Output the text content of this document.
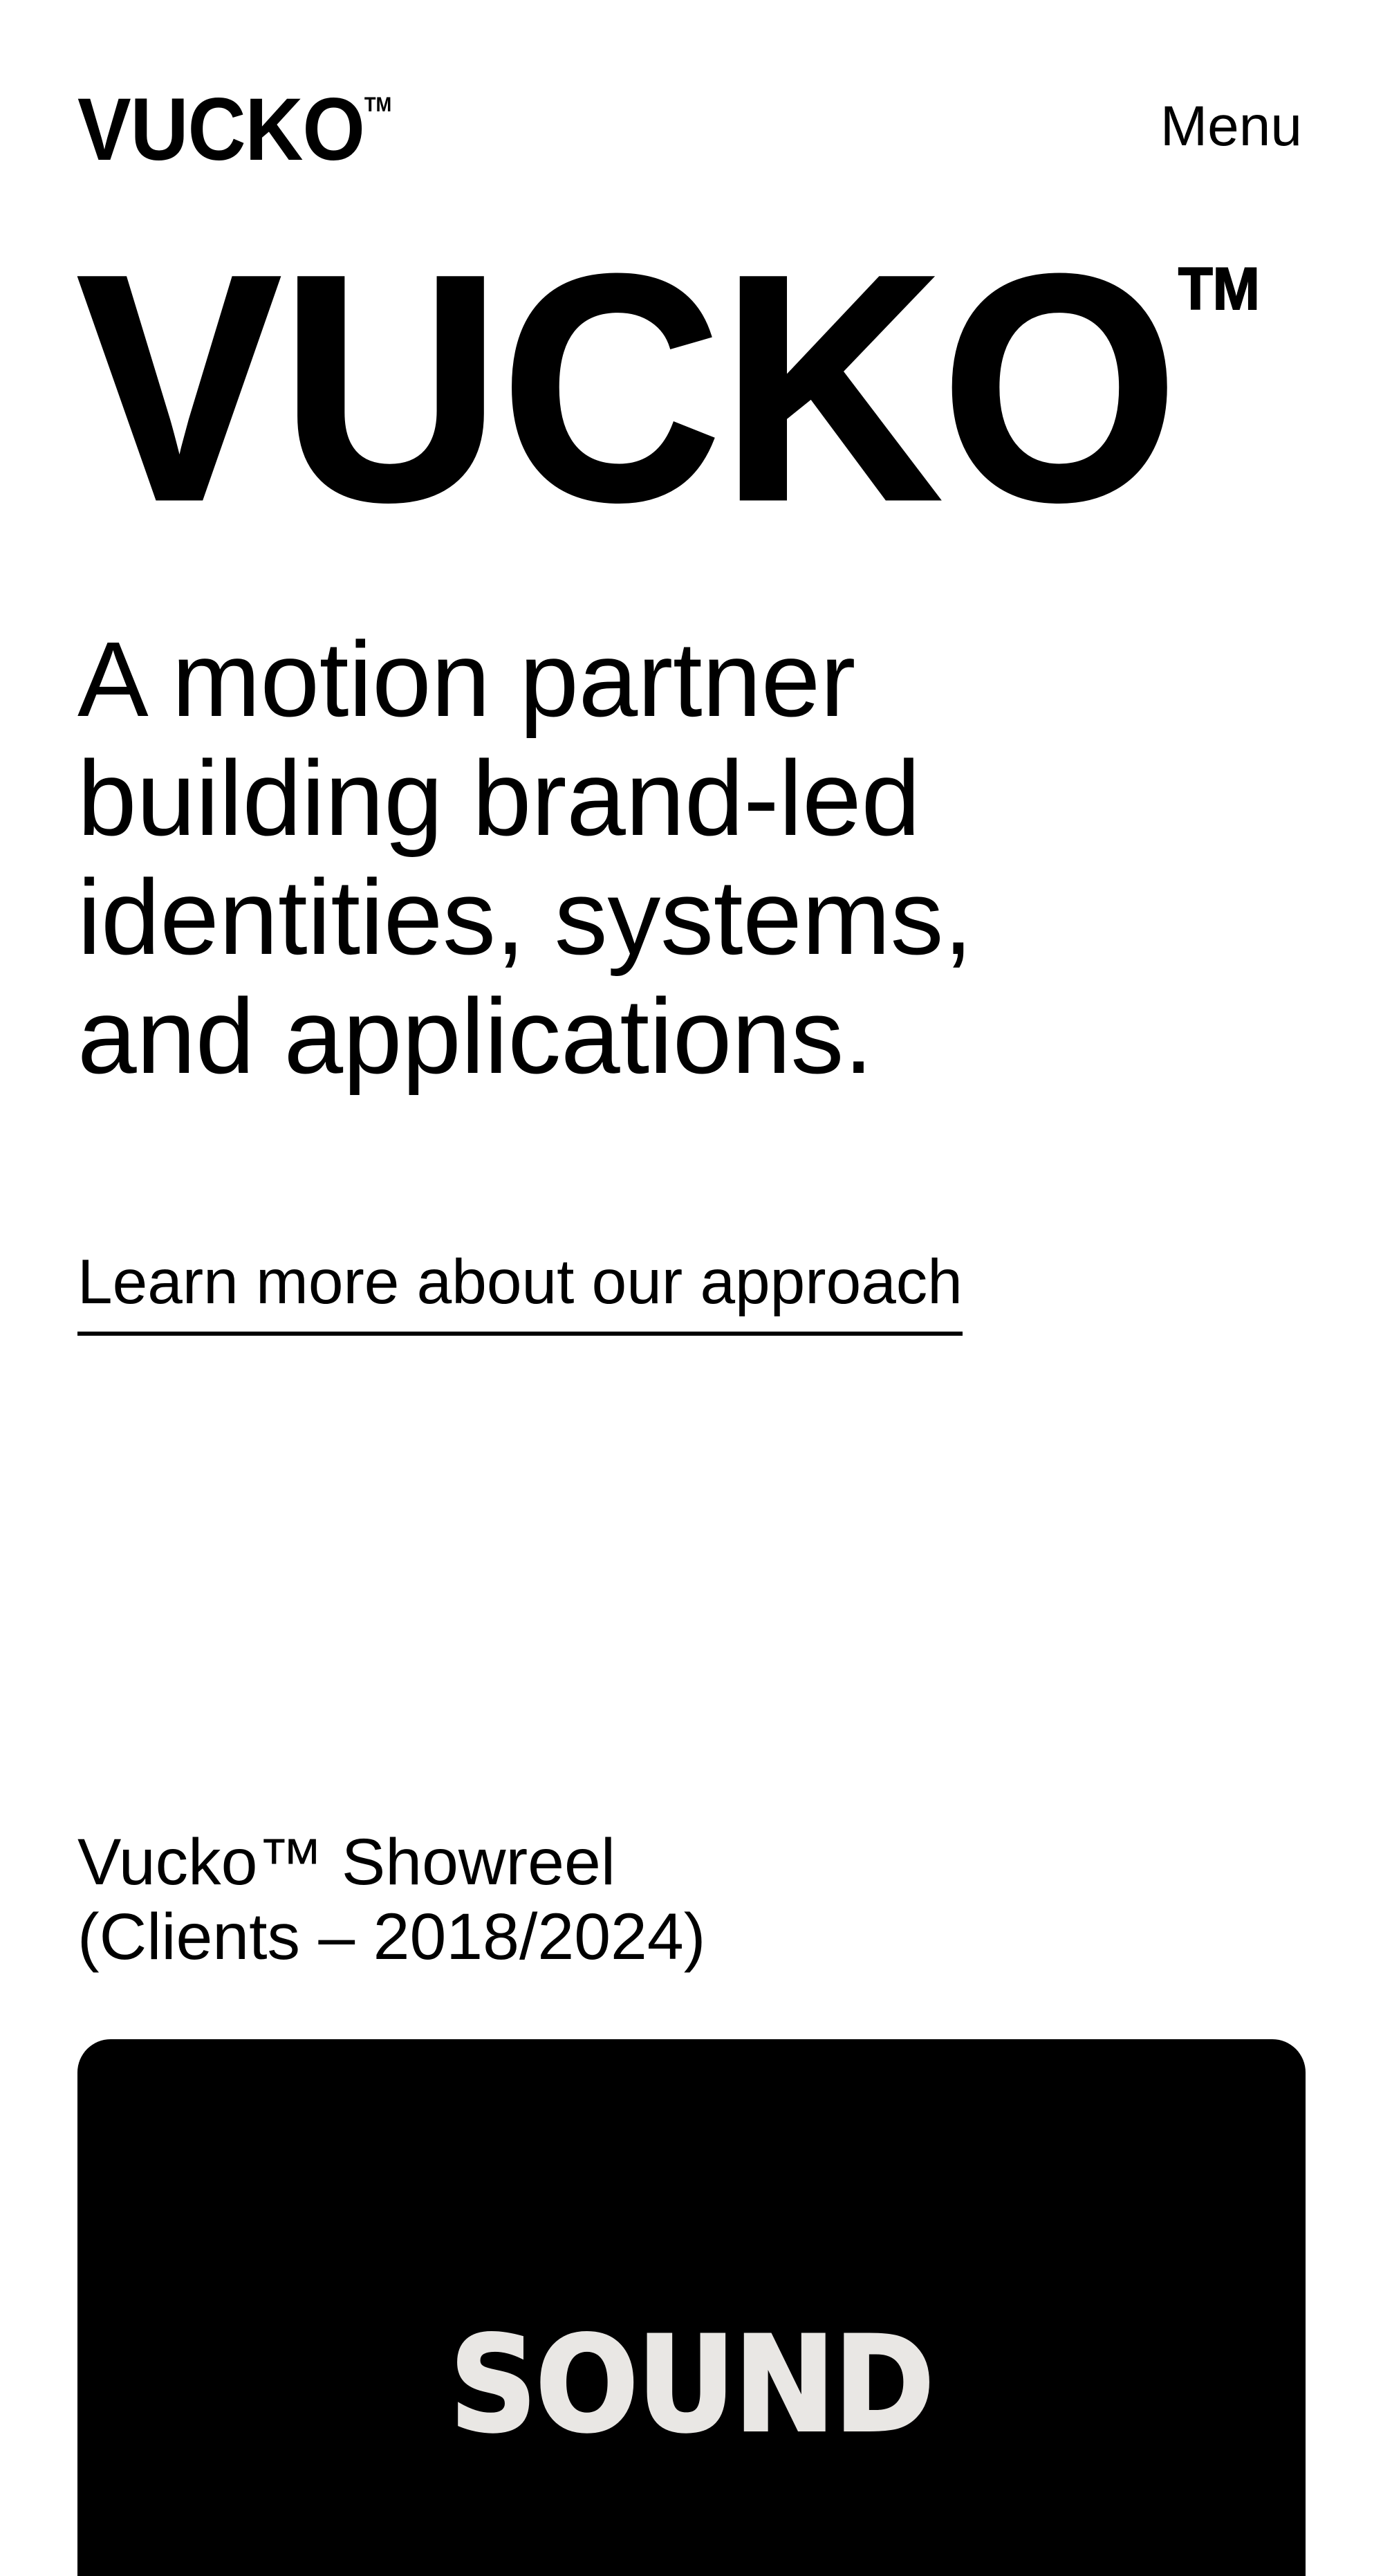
VUCKO™	Menu
VUCKO™
A motion partner
building brand-led
identities, systems,
and applications.
Learn more about our approach
Vucko™ Showreel
(Clients – 2018/2024)
SOUND
